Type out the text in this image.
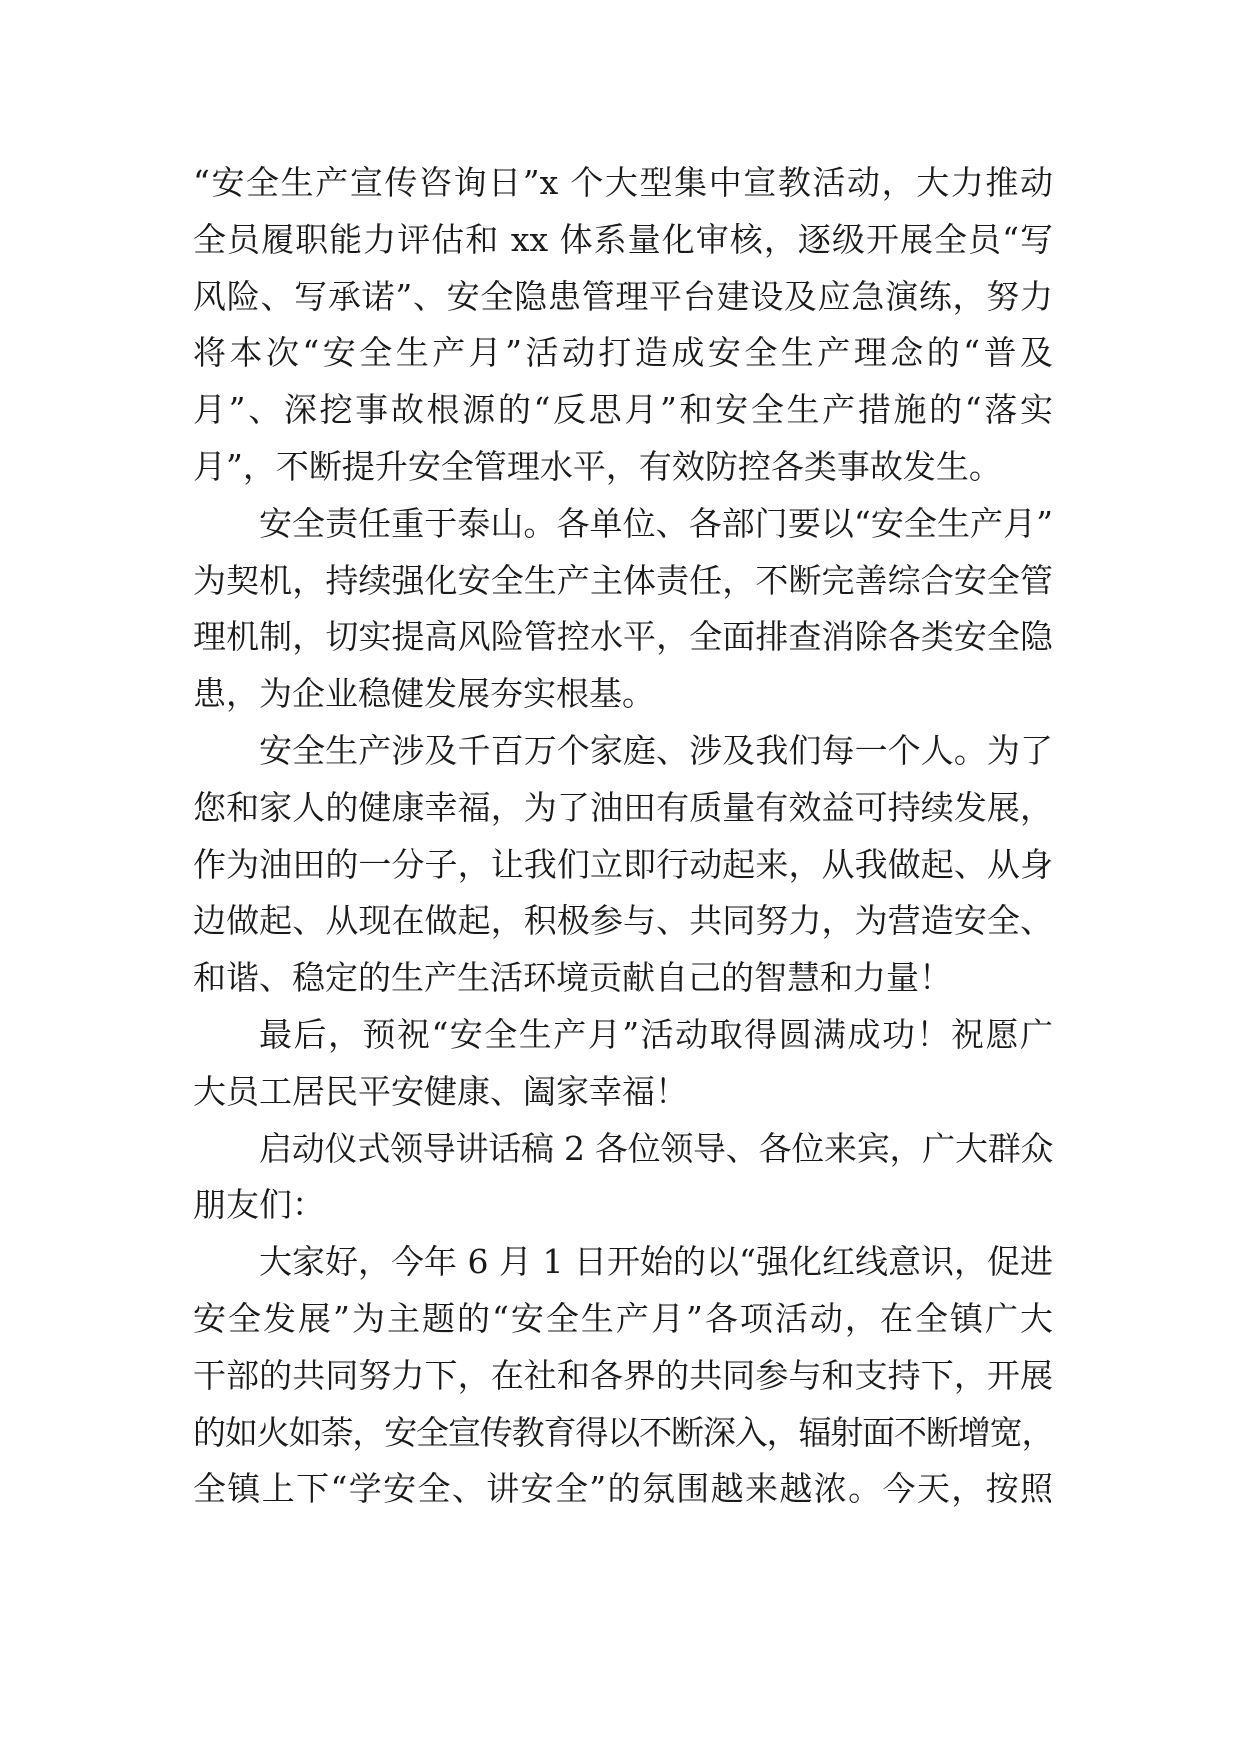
“安全生产宣传咨询日”x 个大型集中宣教活动，大力推动
全员履职能力评估和 xx 体系量化审核，逐级开展全员“写
风险、写承诺”、安全隐患管理平台建设及应急演练，努力
将本次“安全生产月”活动打造成安全生产理念的“普及
月”、深挖事故根源的“反思月”和安全生产措施的“落实
月”，不断提升安全管理水平，有效防控各类事故发生。
安全责任重于泰山。各单位、各部门要以“安全生产月”
为契机，持续强化安全生产主体责任，不断完善综合安全管
理机制，切实提高风险管控水平，全面排查消除各类安全隐
患，为企业稳健发展夯实根基。
安全生产涉及千百万个家庭、涉及我们每一个人。为了
您和家人的健康幸福，为了油田有质量有效益可持续发展，
作为油田的一分子，让我们立即行动起来，从我做起、从身
边做起、从现在做起，积极参与、共同努力，为营造安全、
和谐、稳定的生产生活环境贡献自己的智慧和力量！
最后，预祝“安全生产月”活动取得圆满成功！祝愿广
大员工居民平安健康、阖家幸福！
启动仪式领导讲话稿 2 各位领导、各位来宾，广大群众
朋友们：
大家好，今年 6 月 1 日开始的以“强化红线意识，促进
安全发展”为主题的“安全生产月”各项活动，在全镇广大
干部的共同努力下，在社和各界的共同参与和支持下，开展
的如火如荼，安全宣传教育得以不断深入，辐射面不断增宽，
全镇上下“学安全、讲安全”的氛围越来越浓。今天，按照
